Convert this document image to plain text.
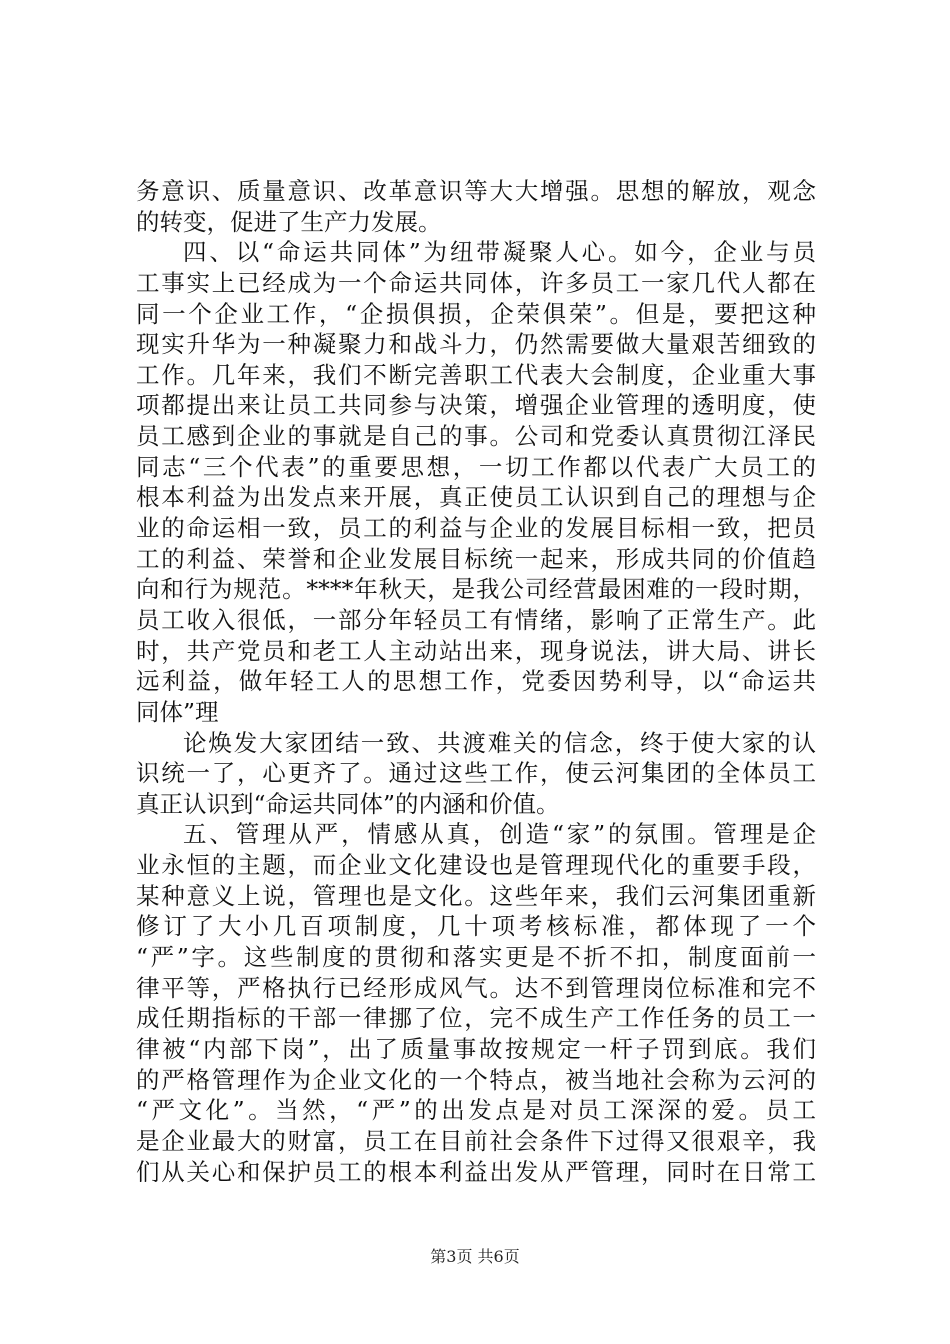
务意识、质量意识、改革意识等大大增强。思想的解放，观念
的转变，促进了生产力发展。
四、以“命运共同体”为纽带凝聚人心。如今，企业与员
工事实上已经成为一个命运共同体，许多员工一家几代人都在
同一个企业工作，“企损俱损，企荣俱荣”。但是，要把这种
现实升华为一种凝聚力和战斗力，仍然需要做大量艰苦细致的
工作。几年来，我们不断完善职工代表大会制度，企业重大事
项都提出来让员工共同参与决策，增强企业管理的透明度，使
员工感到企业的事就是自己的事。公司和党委认真贯彻江泽民
同志“三个代表”的重要思想，一切工作都以代表广大员工的
根本利益为出发点来开展，真正使员工认识到自己的理想与企
业的命运相一致，员工的利益与企业的发展目标相一致，把员
工的利益、荣誉和企业发展目标统一起来，形成共同的价值趋
向和行为规范。****年秋天，是我公司经营最困难的一段时期，
员工收入很低，一部分年轻员工有情绪，影响了正常生产。此
时，共产党员和老工人主动站出来，现身说法，讲大局、讲长
远利益，做年轻工人的思想工作，党委因势利导，以“命运共
同体”理
论焕发大家团结一致、共渡难关的信念，终于使大家的认
识统一了，心更齐了。通过这些工作，使云河集团的全体员工
真正认识到“命运共同体”的内涵和价值。
五、管理从严，情感从真，创造“家”的氛围。管理是企
业永恒的主题，而企业文化建设也是管理现代化的重要手段，
某种意义上说，管理也是文化。这些年来，我们云河集团重新
修订了大小几百项制度，几十项考核标准，都体现了一个
“严”字。这些制度的贯彻和落实更是不折不扣，制度面前一
律平等，严格执行已经形成风气。达不到管理岗位标准和完不
成任期指标的干部一律挪了位，完不成生产工作任务的员工一
律被“内部下岗”，出了质量事故按规定一杆子罚到底。我们
的严格管理作为企业文化的一个特点，被当地社会称为云河的
“严文化”。当然，“严”的出发点是对员工深深的爱。员工
是企业最大的财富，员工在目前社会条件下过得又很艰辛，我
们从关心和保护员工的根本利益出发从严管理，同时在日常工
第3页 共6页
